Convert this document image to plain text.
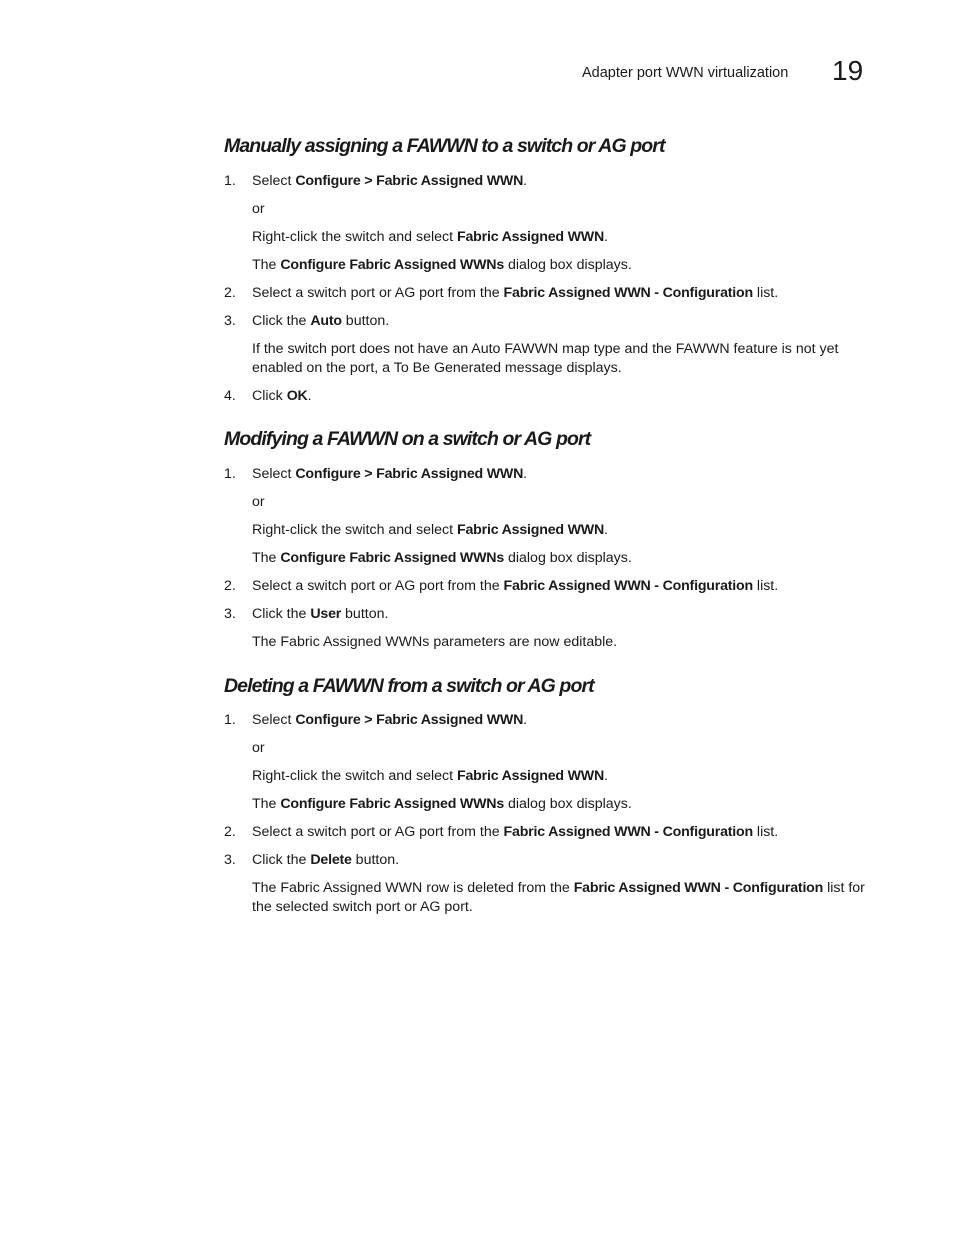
Adapter port WWN virtualization 19
Manually assigning a FAWWN to a switch or AG port
1. Select Configure > Fabric Assigned WWN.
or
Right-click the switch and select Fabric Assigned WWN.
The Configure Fabric Assigned WWNs dialog box displays.
2. Select a switch port or AG port from the Fabric Assigned WWN - Configuration list.
3. Click the Auto button.
If the switch port does not have an Auto FAWWN map type and the FAWWN feature is not yet enabled on the port, a To Be Generated message displays.
4. Click OK.
Modifying a FAWWN on a switch or AG port
1. Select Configure > Fabric Assigned WWN.
or
Right-click the switch and select Fabric Assigned WWN.
The Configure Fabric Assigned WWNs dialog box displays.
2. Select a switch port or AG port from the Fabric Assigned WWN - Configuration list.
3. Click the User button.
The Fabric Assigned WWNs parameters are now editable.
Deleting a FAWWN from a switch or AG port
1. Select Configure > Fabric Assigned WWN.
or
Right-click the switch and select Fabric Assigned WWN.
The Configure Fabric Assigned WWNs dialog box displays.
2. Select a switch port or AG port from the Fabric Assigned WWN - Configuration list.
3. Click the Delete button.
The Fabric Assigned WWN row is deleted from the Fabric Assigned WWN - Configuration list for the selected switch port or AG port.
